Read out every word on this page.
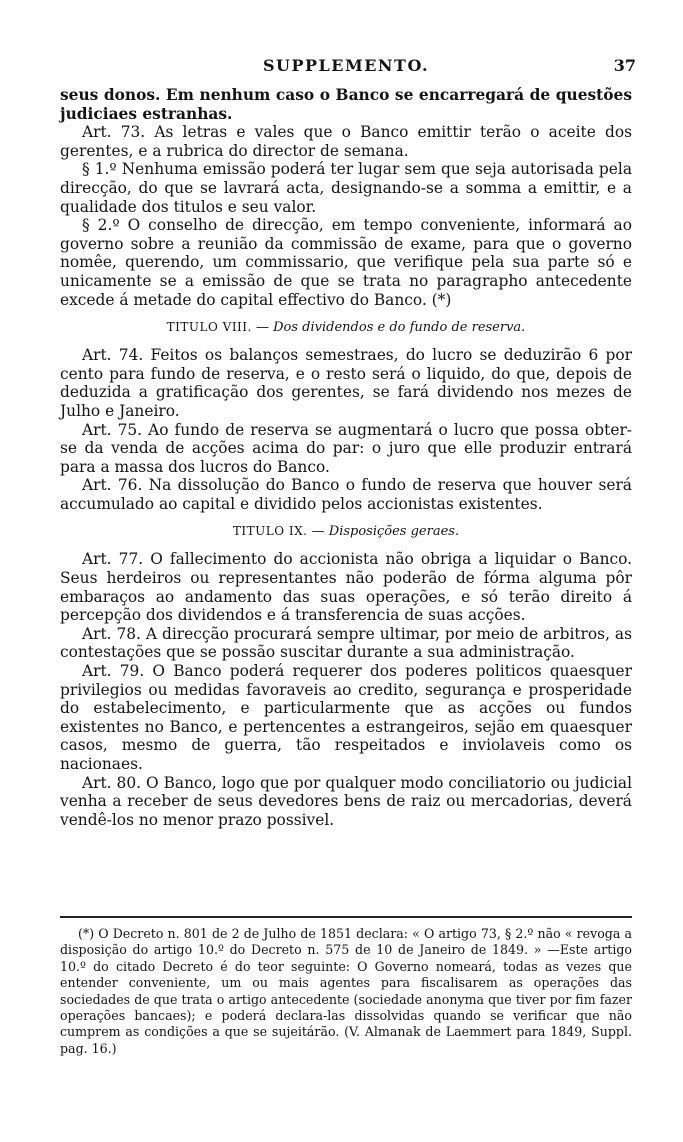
SUPPLEMENTO.	37

seus donos. Em nenhum caso o Banco se encarregará de questões judiciaes estranhas.

Art. 73. As letras e vales que o Banco emittir terão o aceite dos gerentes, e a rubrica do director de semana.

§ 1.º Nenhuma emissão poderá ter lugar sem que seja autorisada pela direcção, do que se lavrará acta, designando-se a somma a emittir, e a qualidade dos titulos e seu valor.

§ 2.º O conselho de direcção, em tempo conveniente, informará ao governo sobre a reunião da commissão de exame, para que o governo nomêe, querendo, um commissario, que verifique pela sua parte só e unicamente se a emissão de que se trata no paragrapho antecedente excede á metade do capital effectivo do Banco. (*)

TITULO VIII. — Dos dividendos e do fundo de reserva.

Art. 74. Feitos os balanços semestraes, do lucro se deduzirão 6 por cento para fundo de reserva, e o resto será o liquido, do que, depois de deduzida a gratificação dos gerentes, se fará dividendo nos mezes de Julho e Janeiro.

Art. 75. Ao fundo de reserva se augmentará o lucro que possa obter-se da venda de acções acima do par: o juro que elle produzir entrará para a massa dos lucros do Banco.

Art. 76. Na dissolução do Banco o fundo de reserva que houver será accumulado ao capital e dividido pelos accionistas existentes.

TITULO IX. — Disposições geraes.

Art. 77. O fallecimento do accionista não obriga a liquidar o Banco. Seus herdeiros ou representantes não poderão de fórma alguma pôr embaraços ao andamento das suas operações, e só terão direito á percepção dos dividendos e á transferencia de suas acções.

Art. 78. A direcção procurará sempre ultimar, por meio de arbitros, as contestações que se possão suscitar durante a sua administração.

Art. 79. O Banco poderá requerer dos poderes politicos quaesquer privilegios ou medidas favoraveis ao credito, segurança e prosperidade do estabelecimento, e particularmente que as acções ou fundos existentes no Banco, e pertencentes a estrangeiros, sejão em quaesquer casos, mesmo de guerra, tão respeitados e inviolaveis como os nacionaes.

Art. 80. O Banco, logo que por qualquer modo conciliatorio ou judicial venha a receber de seus devedores bens de raiz ou mercadorias, deverá vendê-los no menor prazo possivel.

(*) O Decreto n. 801 de 2 de Julho de 1851 declara: « O artigo 73, § 2.º não « revoga a disposição do artigo 10.º do Decreto n. 575 de 10 de Janeiro de 1849. » —Este artigo 10.º do citado Decreto é do teor seguinte: O Governo nomeará, todas as vezes que entender conveniente, um ou mais agentes para fiscalisarem as operações das sociedades de que trata o artigo antecedente (sociedade anonyma que tiver por fim fazer operações bancaes); e poderá declara-las dissolvidas quando se verificar que não cumprem as condições a que se sujeitárão. (V. Almanak de Laemmert para 1849, Suppl. pag. 16.)
